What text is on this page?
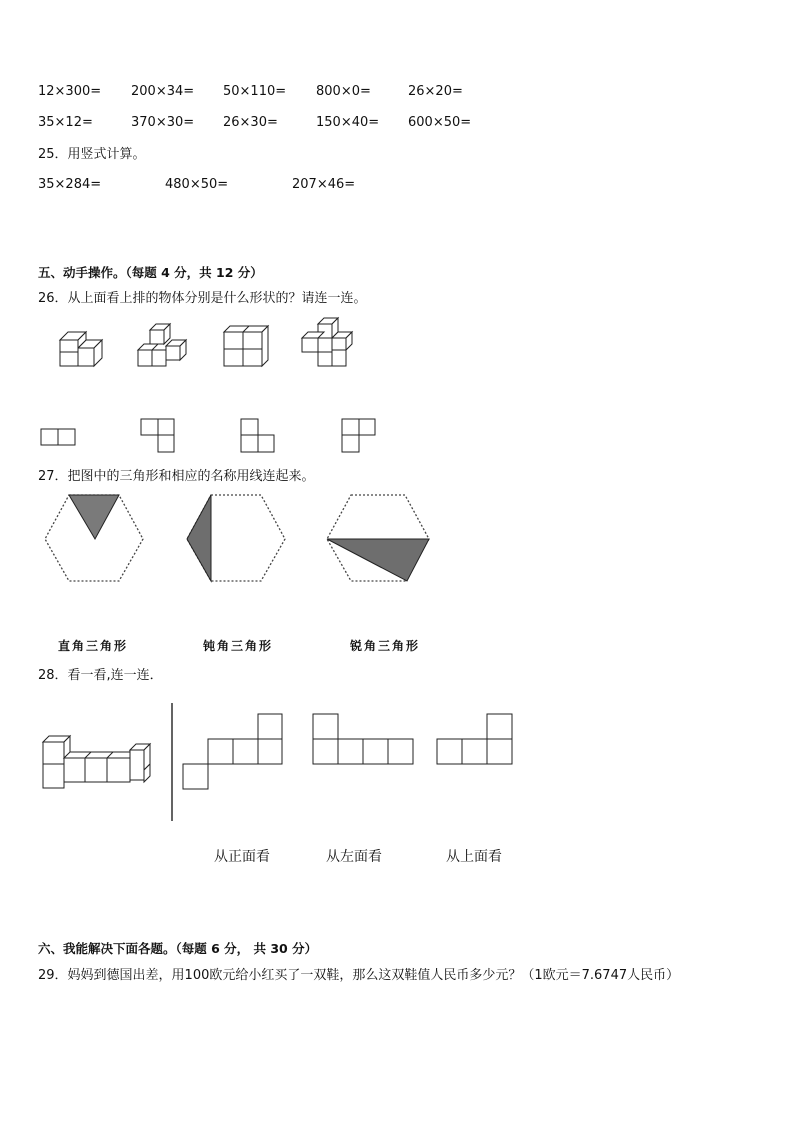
12×300= 200×34= 50×110= 800×0=	26×20=
35×12=	370×30= 26×30=	150×40= 600×50=
25．用竖式计算。
35×284=	480×50=	207×46=
五、动手操作。（每题 4 分，共 12 分）
26．从上面看上排的物体分别是什么形状的？请连一连。
27．把图中的三角形和相应的名称用线连起来。
直角三角形	钝角三角形	锐角三角形
28．看一看,连一连．
从正面看	从左面看	从上面看
六、我能解决下面各题。（每题 6 分， 共 30 分）
29．妈妈到德国出差，用100欧元给小红买了一双鞋，那么这双鞋值人民币多少元？（1欧元＝7.6747人民币）
